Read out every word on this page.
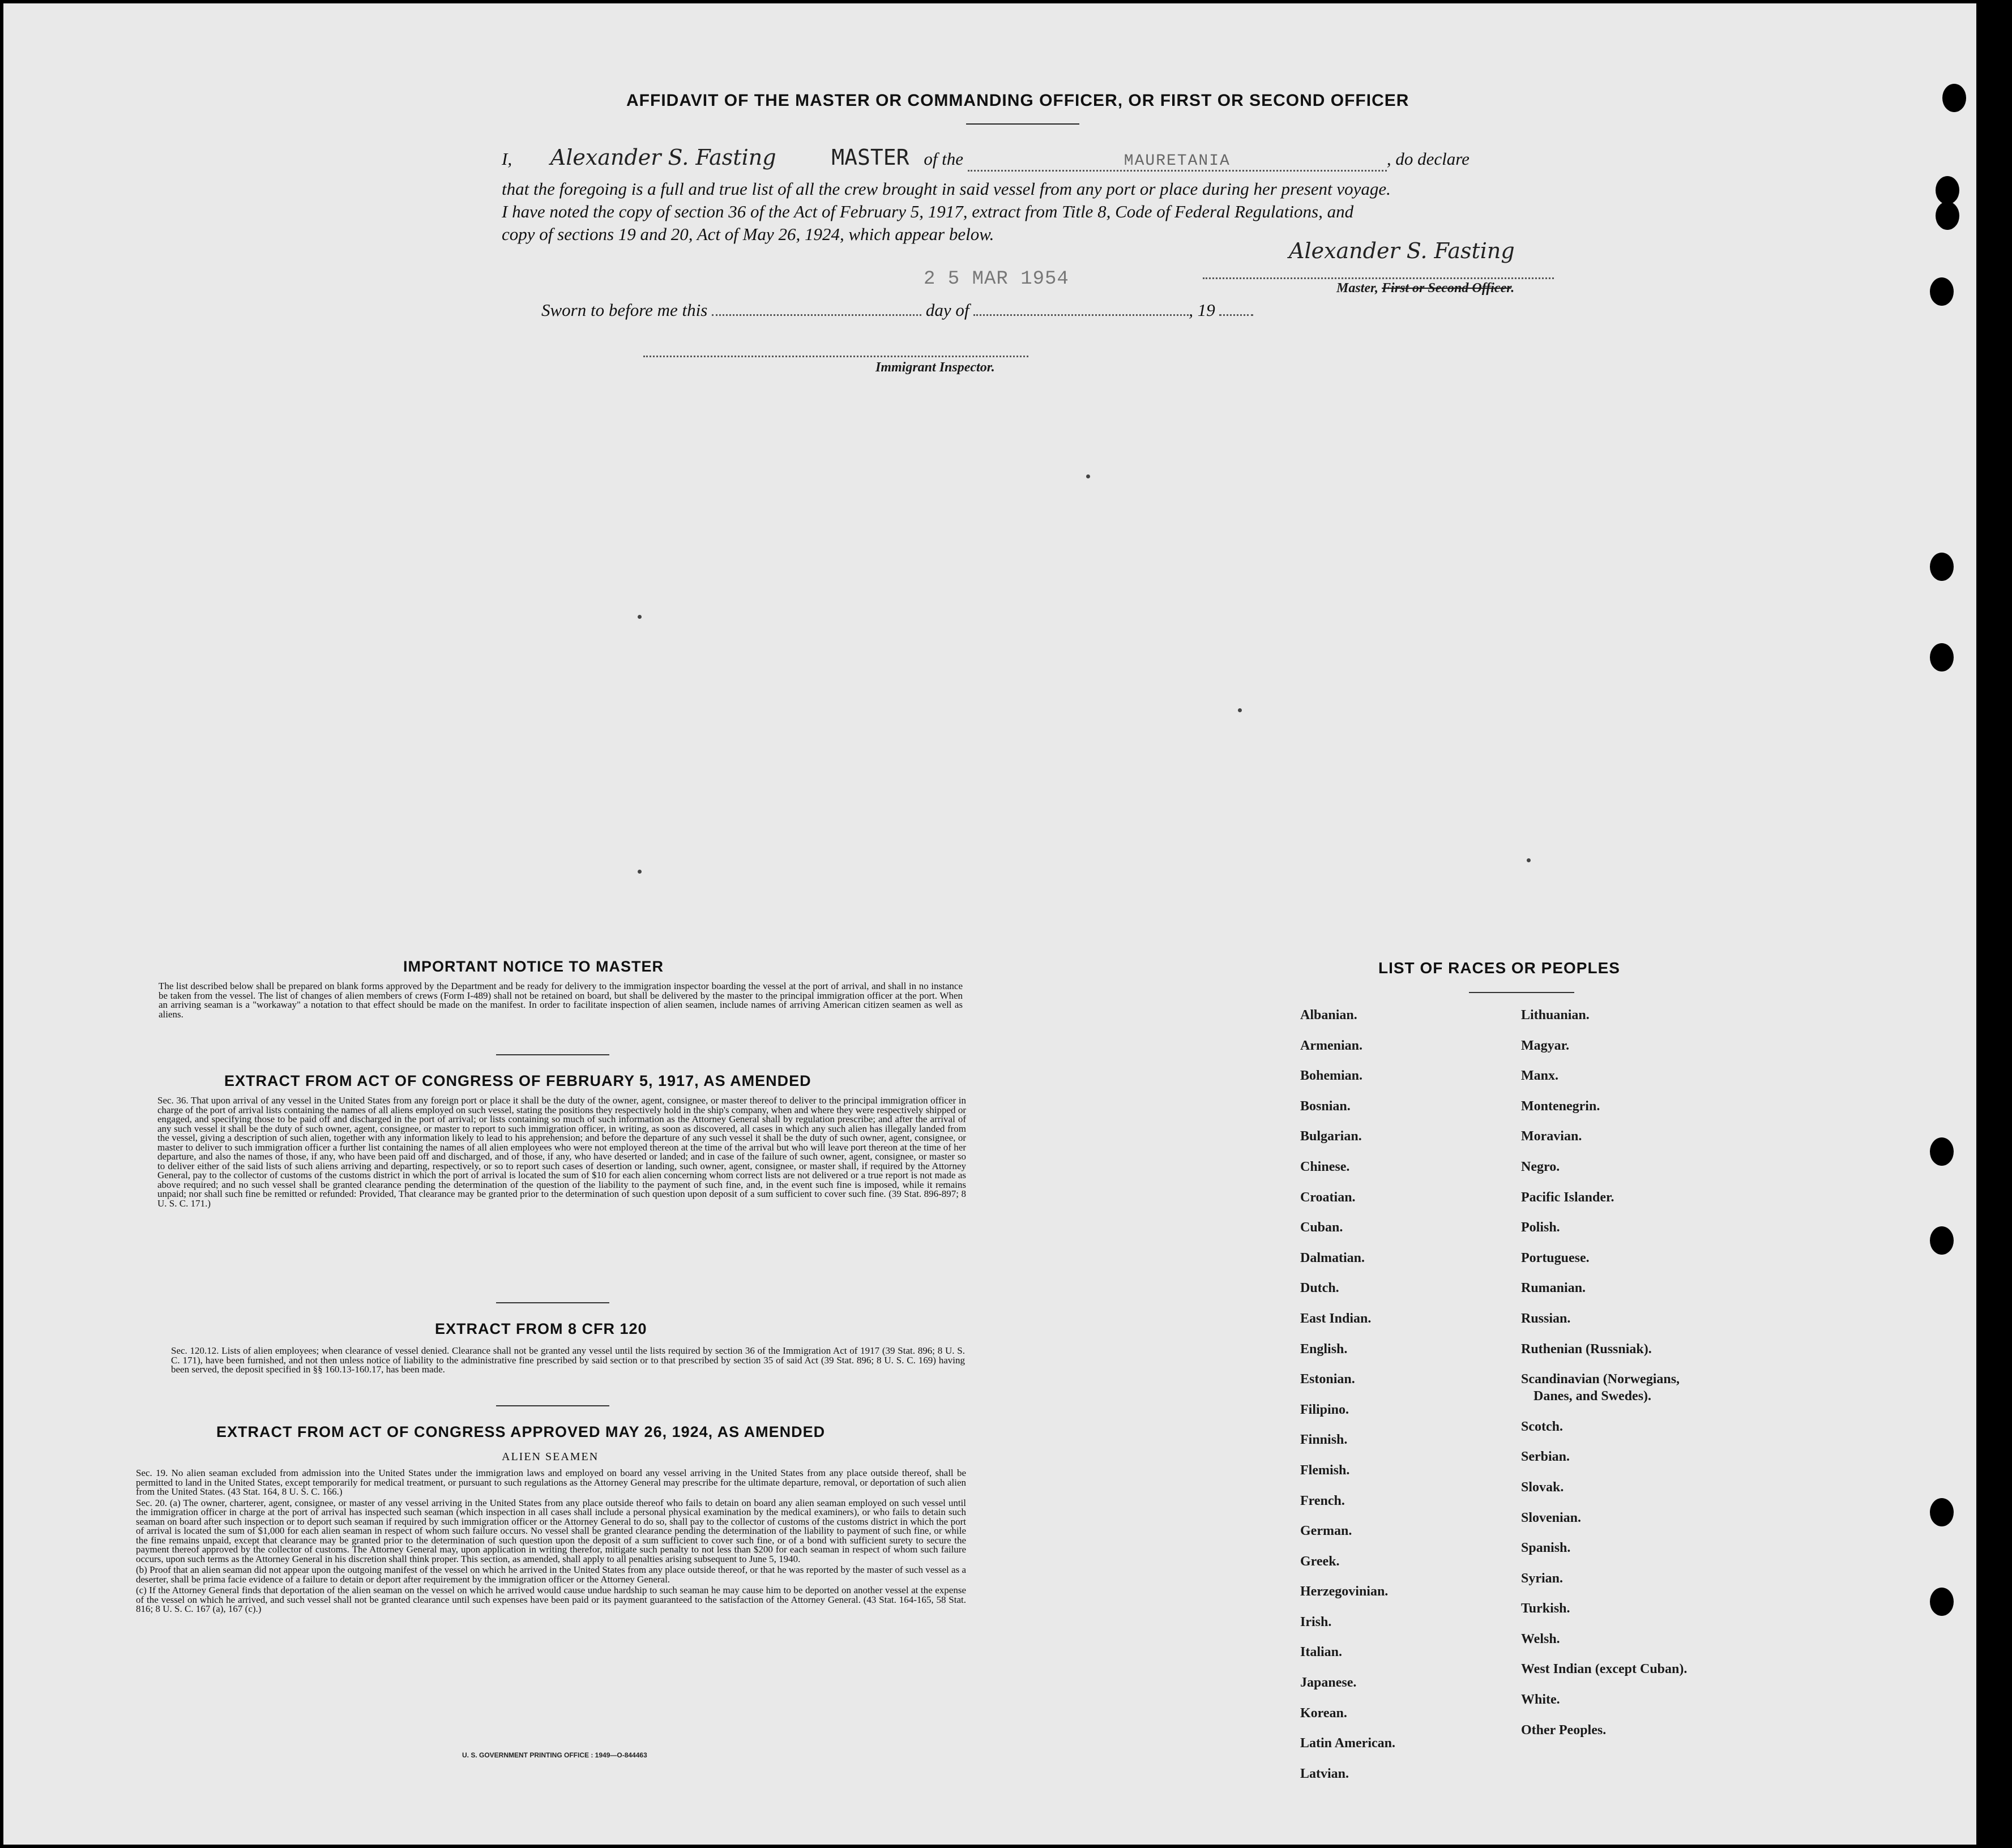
AFFIDAVIT OF THE MASTER OR COMMANDING OFFICER, OR FIRST OR SECOND OFFICER
I, Alexander S. Fasting	MASTER of the	MAURETANIA	, do declare
that the foregoing is a full and true list of all the crew brought in said vessel from any port or place during her present voyage.
I have noted the copy of section 36 of the Act of February 5, 1917, extract from Title 8, Code of Federal Regulations, and
copy of sections 19 and 20, Act of May 26, 1924, which appear below.
Alexander S. Fasting
Master, First or Second Officer.
2 5 MAR 1954
Sworn to before me this	day of	, 19
Immigrant Inspector.
IMPORTANT NOTICE TO MASTER

The list described below shall be prepared on blank forms approved by the Department and be ready for delivery to the immigration inspector boarding the vessel at the port of arrival, and shall in no instance be taken from the vessel. The list of changes of alien members of crews (Form I-489) shall not be retained on board, but shall be delivered by the master to the principal immigration officer at the port. When an arriving seaman is a "workaway" a notation to that effect should be made on the manifest. In order to facilitate inspection of alien seamen, include names of arriving American citizen seamen as well as aliens.

EXTRACT FROM ACT OF CONGRESS OF FEBRUARY 5, 1917, AS AMENDED

Sec. 36. That upon arrival of any vessel in the United States from any foreign port or place it shall be the duty of the owner, agent, consignee, or master thereof to deliver to the principal immigration officer in charge of the port of arrival lists containing the names of all aliens employed on such vessel, stating the positions they respectively hold in the ship's company, when and where they were respectively shipped or engaged, and specifying those to be paid off and discharged in the port of arrival; or lists containing so much of such information as the Attorney General shall by regulation prescribe; and after the arrival of any such vessel it shall be the duty of such owner, agent, consignee, or master to report to such immigration officer, in writing, as soon as discovered, all cases in which any such alien has illegally landed from the vessel, giving a description of such alien, together with any information likely to lead to his apprehension; and before the departure of any such vessel it shall be the duty of such owner, agent, consignee, or master to deliver to such immigration officer a further list containing the names of all alien employees who were not employed thereon at the time of the arrival but who will leave port thereon at the time of her departure, and also the names of those, if any, who have been paid off and discharged, and of those, if any, who have deserted or landed; and in case of the failure of such owner, agent, consignee, or master so to deliver either of the said lists of such aliens arriving and departing, respectively, or so to report such cases of desertion or landing, such owner, agent, consignee, or master shall, if required by the Attorney General, pay to the collector of customs of the customs district in which the port of arrival is located the sum of $10 for each alien concerning whom correct lists are not delivered or a true report is not made as above required; and no such vessel shall be granted clearance pending the determination of the question of the liability to the payment of such fine, and, in the event such fine is imposed, while it remains unpaid; nor shall such fine be remitted or refunded: Provided, That clearance may be granted prior to the determination of such question upon deposit of a sum sufficient to cover such fine. (39 Stat. 896-897; 8 U. S. C. 171.)

EXTRACT FROM 8 CFR 120

Sec. 120.12. Lists of alien employees; when clearance of vessel denied. Clearance shall not be granted any vessel until the lists required by section 36 of the Immigration Act of 1917 (39 Stat. 896; 8 U. S. C. 171), have been furnished, and not then unless notice of liability to the administrative fine prescribed by said section or to that prescribed by section 35 of said Act (39 Stat. 896; 8 U. S. C. 169) having been served, the deposit specified in §§ 160.13-160.17, has been made.

EXTRACT FROM ACT OF CONGRESS APPROVED MAY 26, 1924, AS AMENDED
ALIEN SEAMEN

Sec. 19. No alien seaman excluded from admission into the United States under the immigration laws and employed on board any vessel arriving in the United States from any place outside thereof, shall be permitted to land in the United States, except temporarily for medical treatment, or pursuant to such regulations as the Attorney General may prescribe for the ultimate departure, removal, or deportation of such alien from the United States. (43 Stat. 164, 8 U. S. C. 166.)

Sec. 20. (a) The owner, charterer, agent, consignee, or master of any vessel arriving in the United States from any place outside thereof who fails to detain on board any alien seaman employed on such vessel until the immigration officer in charge at the port of arrival has inspected such seaman (which inspection in all cases shall include a personal physical examination by the medical examiners), or who fails to detain such seaman on board after such inspection or to deport such seaman if required by such immigration officer or the Attorney General to do so, shall pay to the collector of customs of the customs district in which the port of arrival is located the sum of $1,000 for each alien seaman in respect of whom such failure occurs. No vessel shall be granted clearance pending the determination of the liability to payment of such fine, or while the fine remains unpaid, except that clearance may be granted prior to the determination of such question upon the deposit of a sum sufficient to cover such fine, or of a bond with sufficient surety to secure the payment thereof approved by the collector of customs. The Attorney General may, upon application in writing therefor, mitigate such penalty to not less than $200 for each seaman in respect of whom such failure occurs, upon such terms as the Attorney General in his discretion shall think proper. This section, as amended, shall apply to all penalties arising subsequent to June 5, 1940.

(b) Proof that an alien seaman did not appear upon the outgoing manifest of the vessel on which he arrived in the United States from any place outside thereof, or that he was reported by the master of such vessel as a deserter, shall be prima facie evidence of a failure to detain or deport after requirement by the immigration officer or the Attorney General.

(c) If the Attorney General finds that deportation of the alien seaman on the vessel on which he arrived would cause undue hardship to such seaman he may cause him to be deported on another vessel at the expense of the vessel on which he arrived, and such vessel shall not be granted clearance until such expenses have been paid or its payment guaranteed to the satisfaction of the Attorney General. (43 Stat. 164-165, 58 Stat. 816; 8 U. S. C. 167 (a), 167 (c).)

U. S. GOVERNMENT PRINTING OFFICE : 1949—O-844463
LIST OF RACES OR PEOPLES
Albanian.
Armenian.
Bohemian.
Bosnian.
Bulgarian.
Chinese.
Croatian.
Cuban.
Dalmatian.
Dutch.
East Indian.
English.
Estonian.
Filipino.
Finnish.
Flemish.
French.
German.
Greek.
Herzegovinian.
Irish.
Italian.
Japanese.
Korean.
Latin American.
Latvian.
Lithuanian.
Magyar.
Manx.
Montenegrin.
Moravian.
Negro.
Pacific Islander.
Polish.
Portuguese.
Rumanian.
Russian.
Ruthenian (Russniak).
Scandinavian (Norwegians,
Danes, and Swedes).
Scotch.
Serbian.
Slovak.
Slovenian.
Spanish.
Syrian.
Turkish.
Welsh.
West Indian (except Cuban).
White.
Other Peoples.
